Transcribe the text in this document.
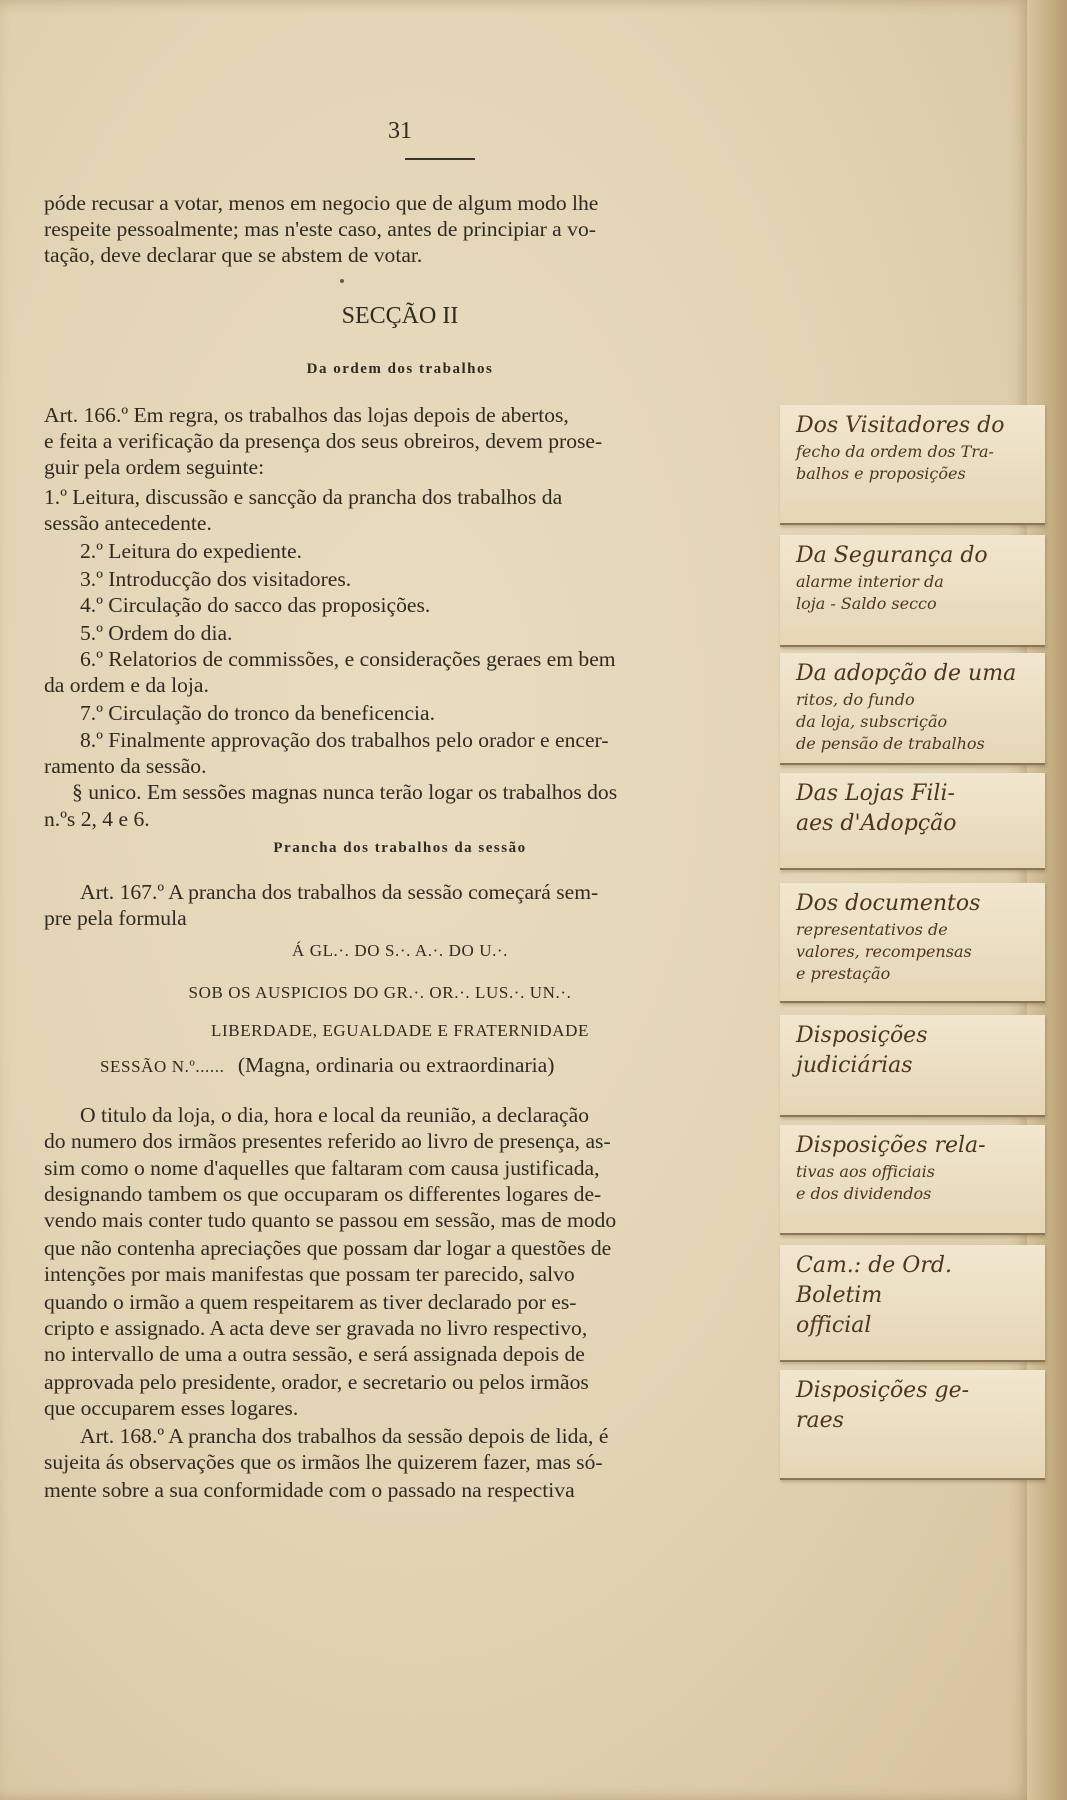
31
póde recusar a votar, menos em negocio que de algum modo lhe
respeite pessoalmente; mas n'este caso, antes de principiar a vo-
tação, deve declarar que se abstem de votar.
SECÇÃO II
Da ordem dos trabalhos
Art. 166.º Em regra, os trabalhos das lojas depois de abertos,
e feita a verificação da presença dos seus obreiros, devem prose-
guir pela ordem seguinte:
1.º Leitura, discussão e sancção da prancha dos trabalhos da
sessão antecedente.
2.º Leitura do expediente.
3.º Introducção dos visitadores.
4.º Circulação do sacco das proposições.
5.º Ordem do dia.
6.º Relatorios de commissões, e considerações geraes em bem
da ordem e da loja.
7.º Circulação do tronco da beneficencia.
8.º Finalmente approvação dos trabalhos pelo orador e encer-
ramento da sessão.
§ unico. Em sessões magnas nunca terão logar os trabalhos dos
n.ºs 2, 4 e 6.
Prancha dos trabalhos da sessão
Art. 167.º A prancha dos trabalhos da sessão começará sem-
pre pela formula
Á GL.·. DO S.·. A.·. DO U.·.
SOB OS AUSPICIOS DO GR.·. OR.·. LUS.·. UN.·.
LIBERDADE, EGUALDADE E FRATERNIDADE
SESSÃO N.º...... (Magna, ordinaria ou extraordinaria)
O titulo da loja, o dia, hora e local da reunião, a declaração
do numero dos irmãos presentes referido ao livro de presença, as-
sim como o nome d'aquelles que faltaram com causa justificada,
designando tambem os que occuparam os differentes logares de-
vendo mais conter tudo quanto se passou em sessão, mas de modo
que não contenha apreciações que possam dar logar a questões de
intenções por mais manifestas que possam ter parecido, salvo
quando o irmão a quem respeitarem as tiver declarado por es-
cripto e assignado. A acta deve ser gravada no livro respectivo,
no intervallo de uma a outra sessão, e será assignada depois de
approvada pelo presidente, orador, e secretario ou pelos irmãos
que occuparem esses logares.
Art. 168.º A prancha dos trabalhos da sessão depois de lida, é
sujeita ás observações que os irmãos lhe quizerem fazer, mas só-
mente sobre a sua conformidade com o passado na respectiva
Dos Visitadores do
fecho da ordem dos Tra-
balhos e proposições
Da Segurança do
alarme interior da
loja - Saldo secco
Da adopção de uma
ritos, do fundo
da loja, subscrição
de pensão de trabalhos
Das Lojas Fili-
aes d'Adopção
Dos documentos
representativos de
valores, recompensas
e prestação
Disposições
judiciárias
Disposições rela-
tivas aos officiais
e dos dividendos
Cam.: de Ord.
Boletim
official
Disposições ge-
raes
